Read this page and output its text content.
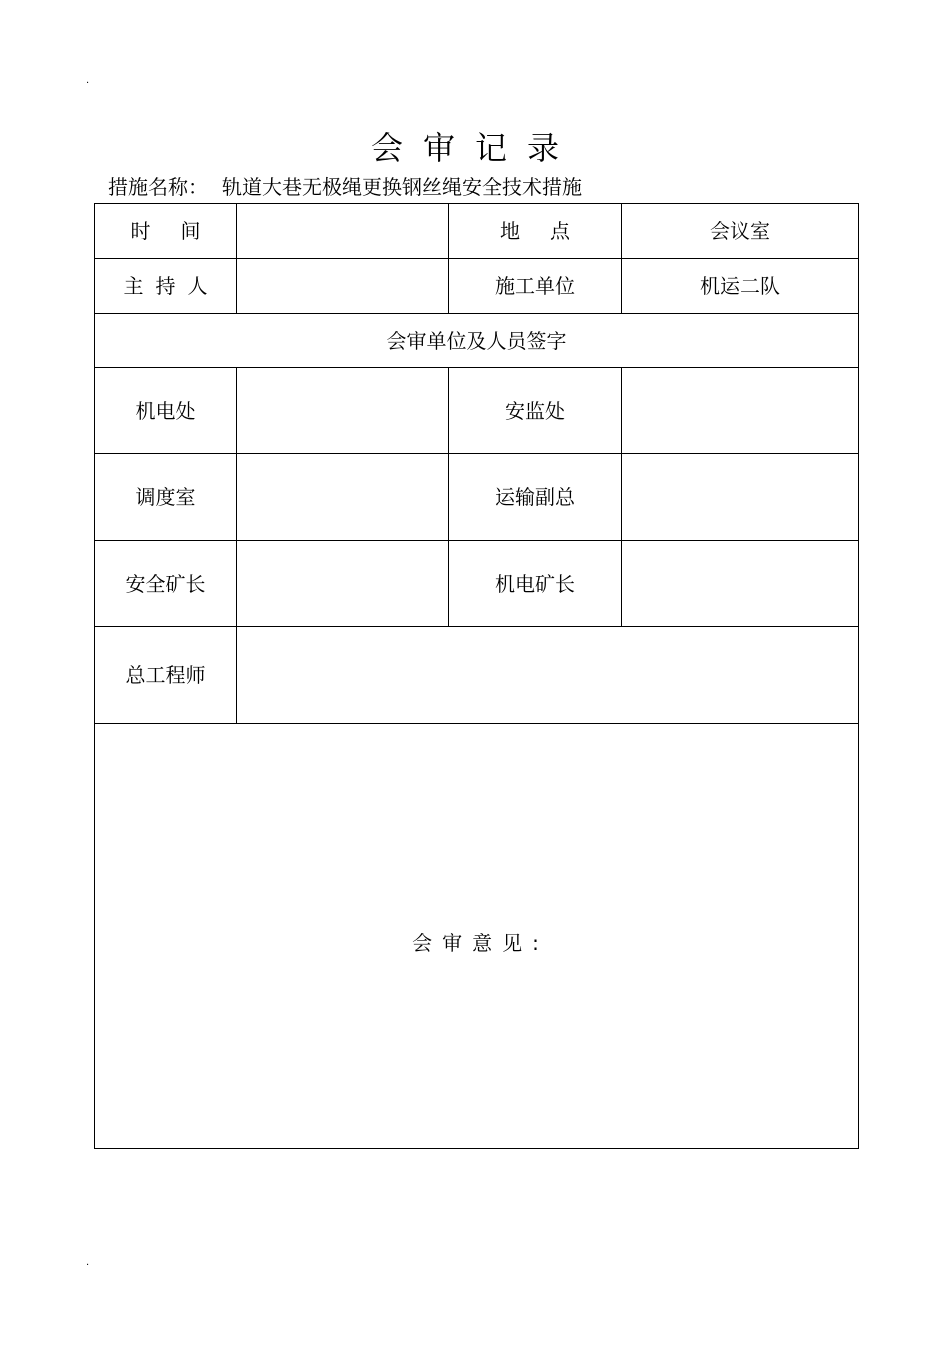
.
会审记录
措施名称： 轨道大巷无极绳更换钢丝绳安全技术措施
时间		地点	会议室
主持人		施工单位	机运二队
会审单位及人员签字			
机电处		安监处	
调度室		运输副总	
安全矿长		机电矿长	
总工程师			

会审意见:			
.
